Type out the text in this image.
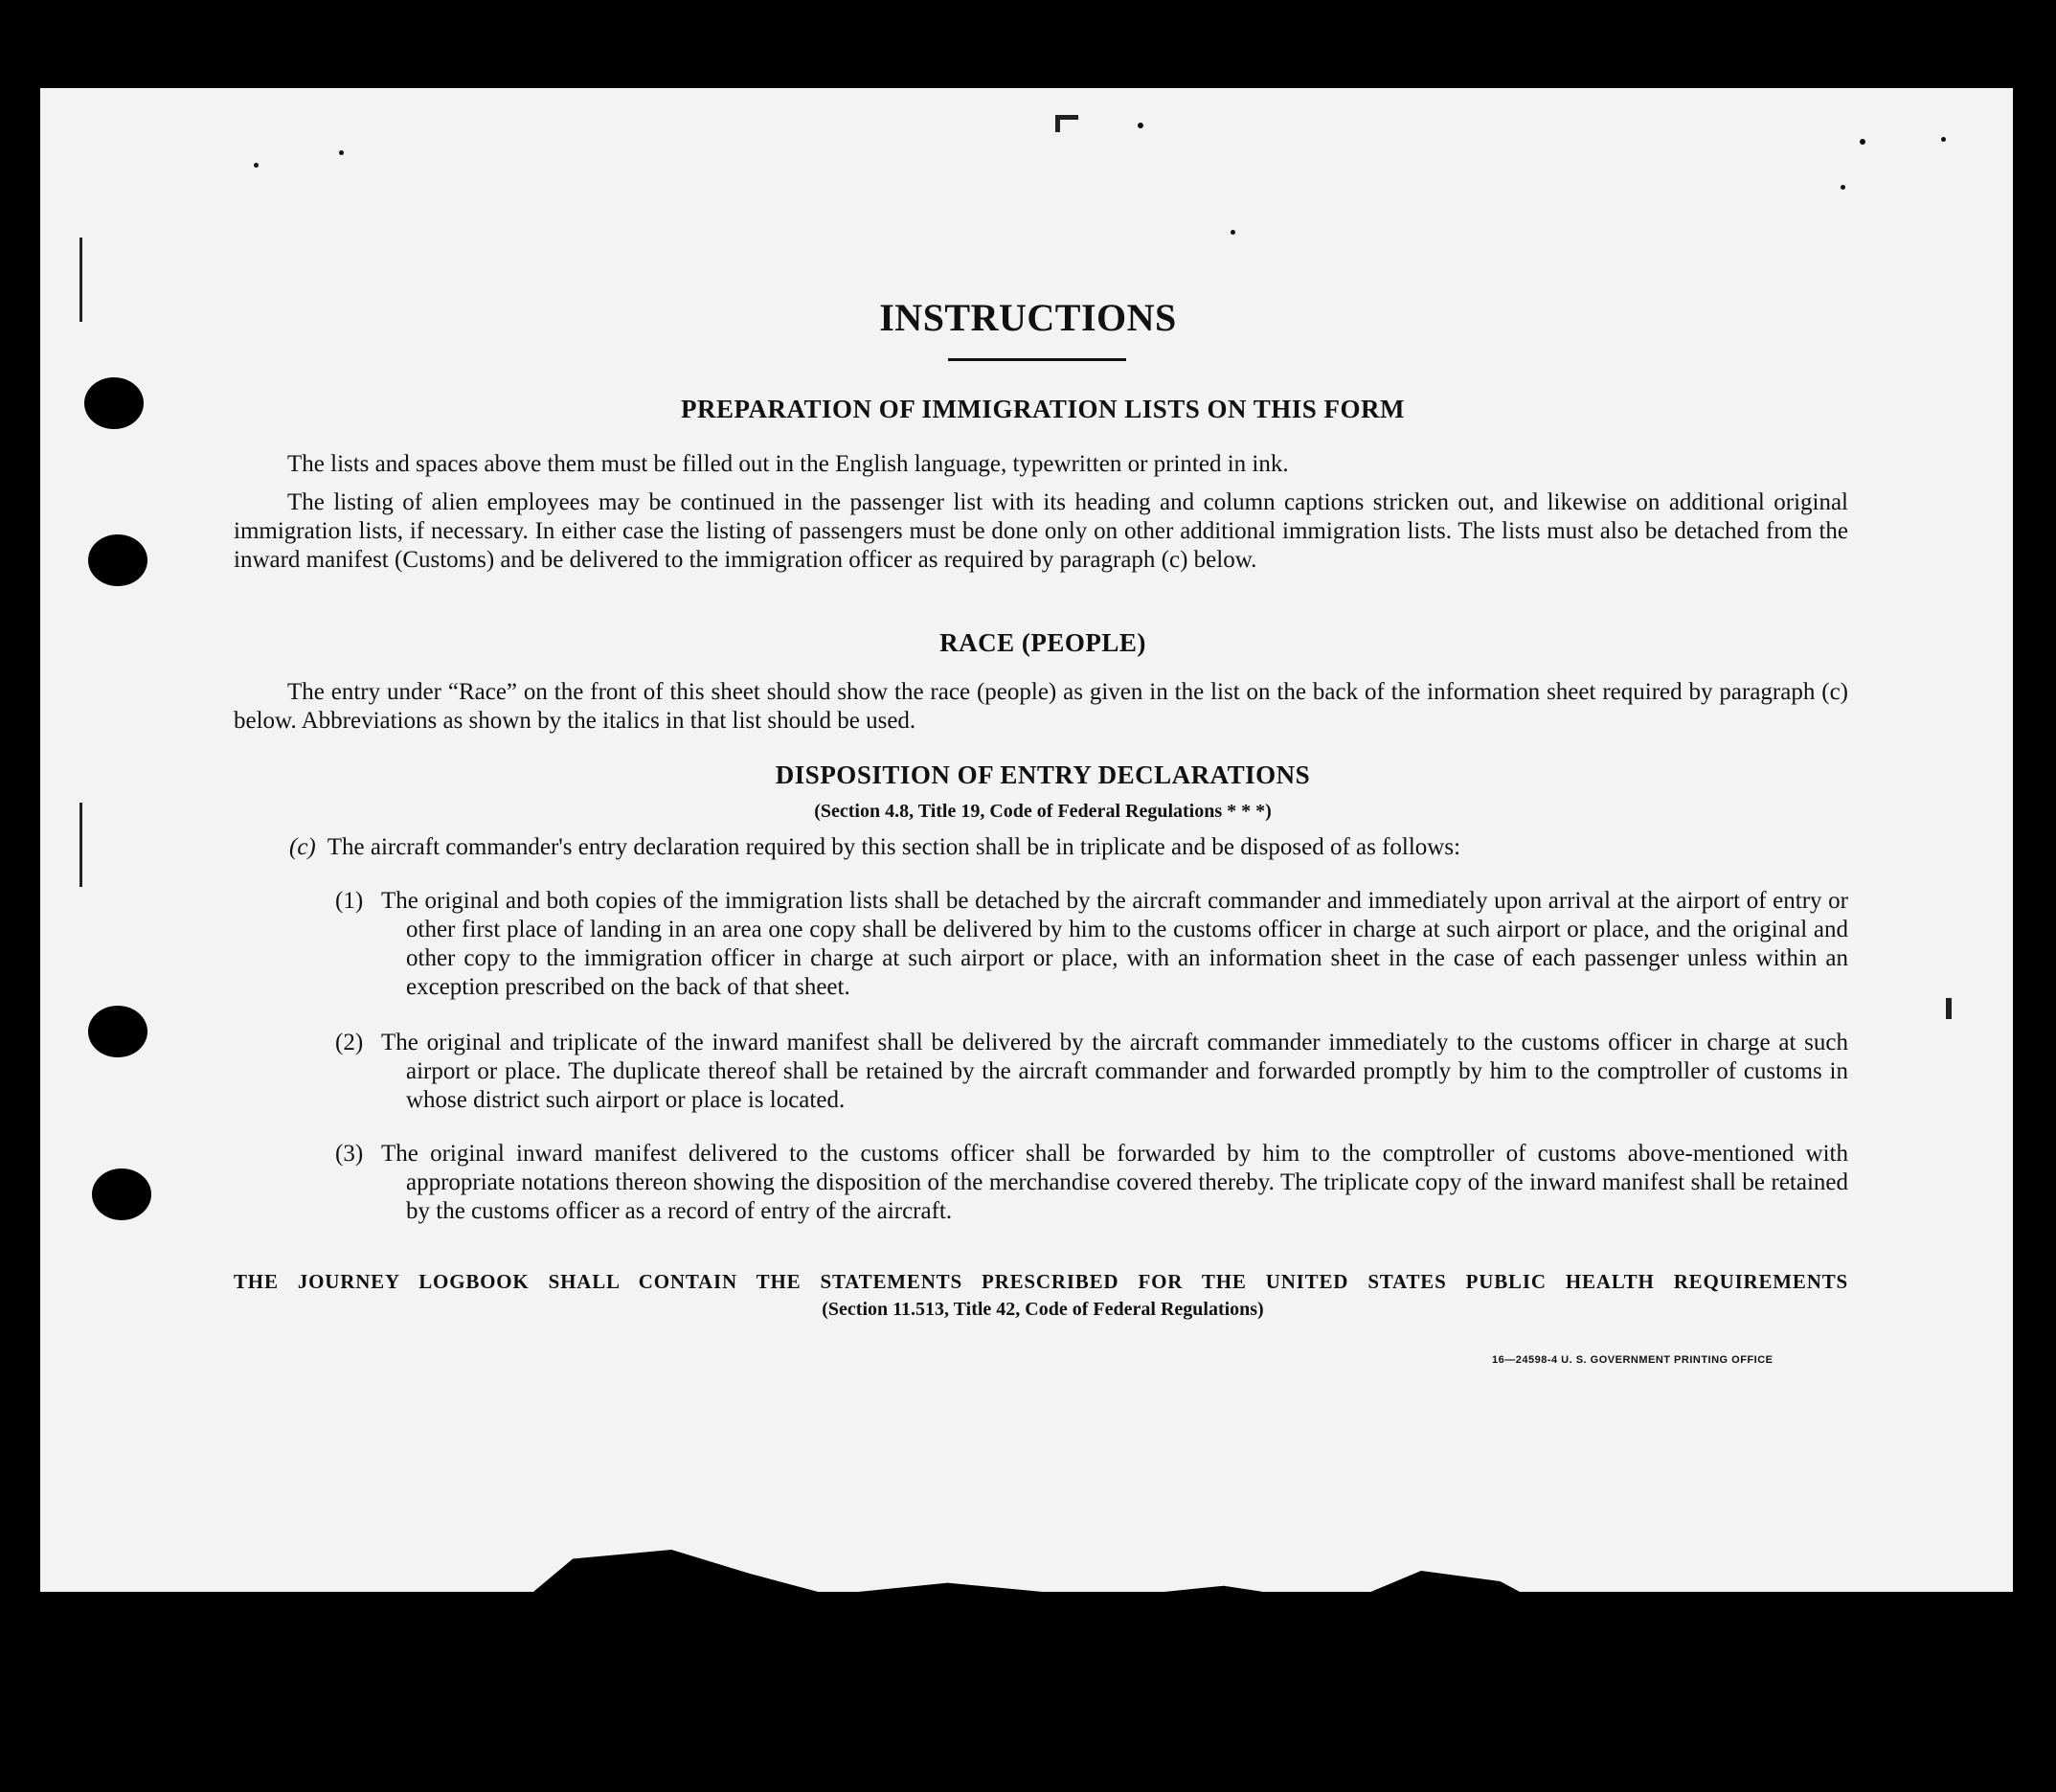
INSTRUCTIONS
PREPARATION OF IMMIGRATION LISTS ON THIS FORM

The lists and spaces above them must be filled out in the English language, typewritten or printed in ink.

The listing of alien employees may be continued in the passenger list with its heading and column captions stricken out, and likewise on additional original immigration lists, if necessary. In either case the listing of passengers must be done only on other additional immigration lists. The lists must also be detached from the inward manifest (Customs) and be delivered to the immigration officer as required by paragraph (c) below.

RACE (PEOPLE)

The entry under “Race” on the front of this sheet should show the race (people) as given in the list on the back of the information sheet required by paragraph (c) below. Abbreviations as shown by the italics in that list should be used.

DISPOSITION OF ENTRY DECLARATIONS
(Section 4.8, Title 19, Code of Federal Regulations * * *)
(c) The aircraft commander's entry declaration required by this section shall be in triplicate and be disposed of as follows:
(1) The original and both copies of the immigration lists shall be detached by the aircraft commander and immediately upon arrival at the airport of entry or other first place of landing in an area one copy shall be delivered by him to the customs officer in charge at such airport or place, and the original and other copy to the immigration officer in charge at such airport or place, with an information sheet in the case of each passenger unless within an exception prescribed on the back of that sheet.
(2) The original and triplicate of the inward manifest shall be delivered by the aircraft commander immediately to the customs officer in charge at such airport or place. The duplicate thereof shall be retained by the aircraft commander and forwarded promptly by him to the comptroller of customs in whose district such airport or place is located.
(3) The original inward manifest delivered to the customs officer shall be forwarded by him to the comptroller of customs above-mentioned with appropriate notations thereon showing the disposition of the merchandise covered thereby. The triplicate copy of the inward manifest shall be retained by the customs officer as a record of entry of the aircraft.
THE JOURNEY LOGBOOK SHALL CONTAIN THE STATEMENTS PRESCRIBED FOR THE UNITED STATES PUBLIC HEALTH REQUIREMENTS
(Section 11.513, Title 42, Code of Federal Regulations)
16—24598-4 U. S. GOVERNMENT PRINTING OFFICE
